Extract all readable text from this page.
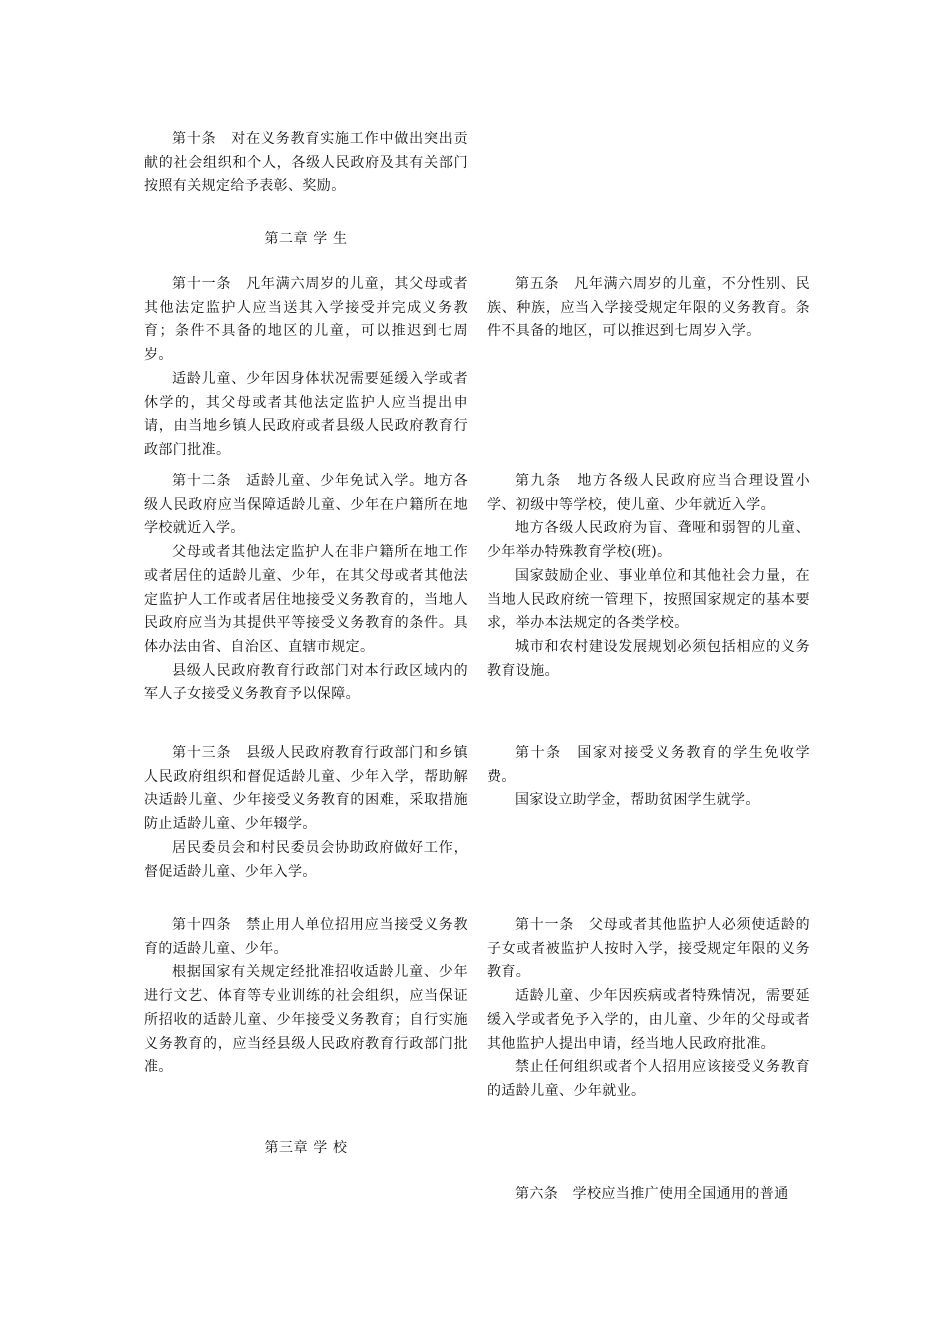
第十条　对在义务教育实施工作中做出突出贡献的社会组织和个人，各级人民政府及其有关部门按照有关规定给予表彰、奖励。

第二章 学 生

第十一条　凡年满六周岁的儿童，其父母或者其他法定监护人应当送其入学接受并完成义务教育；条件不具备的地区的儿童，可以推迟到七周岁。

适龄儿童、少年因身体状况需要延缓入学或者休学的，其父母或者其他法定监护人应当提出申请，由当地乡镇人民政府或者县级人民政府教育行政部门批准。

第十二条　适龄儿童、少年免试入学。地方各级人民政府应当保障适龄儿童、少年在户籍所在地学校就近入学。

父母或者其他法定监护人在非户籍所在地工作或者居住的适龄儿童、少年，在其父母或者其他法定监护人工作或者居住地接受义务教育的，当地人民政府应当为其提供平等接受义务教育的条件。具体办法由省、自治区、直辖市规定。

县级人民政府教育行政部门对本行政区域内的军人子女接受义务教育予以保障。

第十三条　县级人民政府教育行政部门和乡镇人民政府组织和督促适龄儿童、少年入学，帮助解决适龄儿童、少年接受义务教育的困难，采取措施防止适龄儿童、少年辍学。

居民委员会和村民委员会协助政府做好工作，督促适龄儿童、少年入学。

第十四条　禁止用人单位招用应当接受义务教育的适龄儿童、少年。

根据国家有关规定经批准招收适龄儿童、少年进行文艺、体育等专业训练的社会组织，应当保证所招收的适龄儿童、少年接受义务教育；自行实施义务教育的，应当经县级人民政府教育行政部门批准。

第三章 学 校

第五条　凡年满六周岁的儿童，不分性别、民族、种族，应当入学接受规定年限的义务教育。条件不具备的地区，可以推迟到七周岁入学。

第九条　地方各级人民政府应当合理设置小学、初级中等学校，使儿童、少年就近入学。

地方各级人民政府为盲、聋哑和弱智的儿童、少年举办特殊教育学校(班)。

国家鼓励企业、事业单位和其他社会力量，在当地人民政府统一管理下，按照国家规定的基本要求，举办本法规定的各类学校。

城市和农村建设发展规划必须包括相应的义务教育设施。

第十条　国家对接受义务教育的学生免收学费。

国家设立助学金，帮助贫困学生就学。

第十一条　父母或者其他监护人必须使适龄的子女或者被监护人按时入学，接受规定年限的义务教育。

适龄儿童、少年因疾病或者特殊情况，需要延缓入学或者免予入学的，由儿童、少年的父母或者其他监护人提出申请，经当地人民政府批准。

禁止任何组织或者个人招用应该接受义务教育的适龄儿童、少年就业。

第六条　学校应当推广使用全国通用的普通
